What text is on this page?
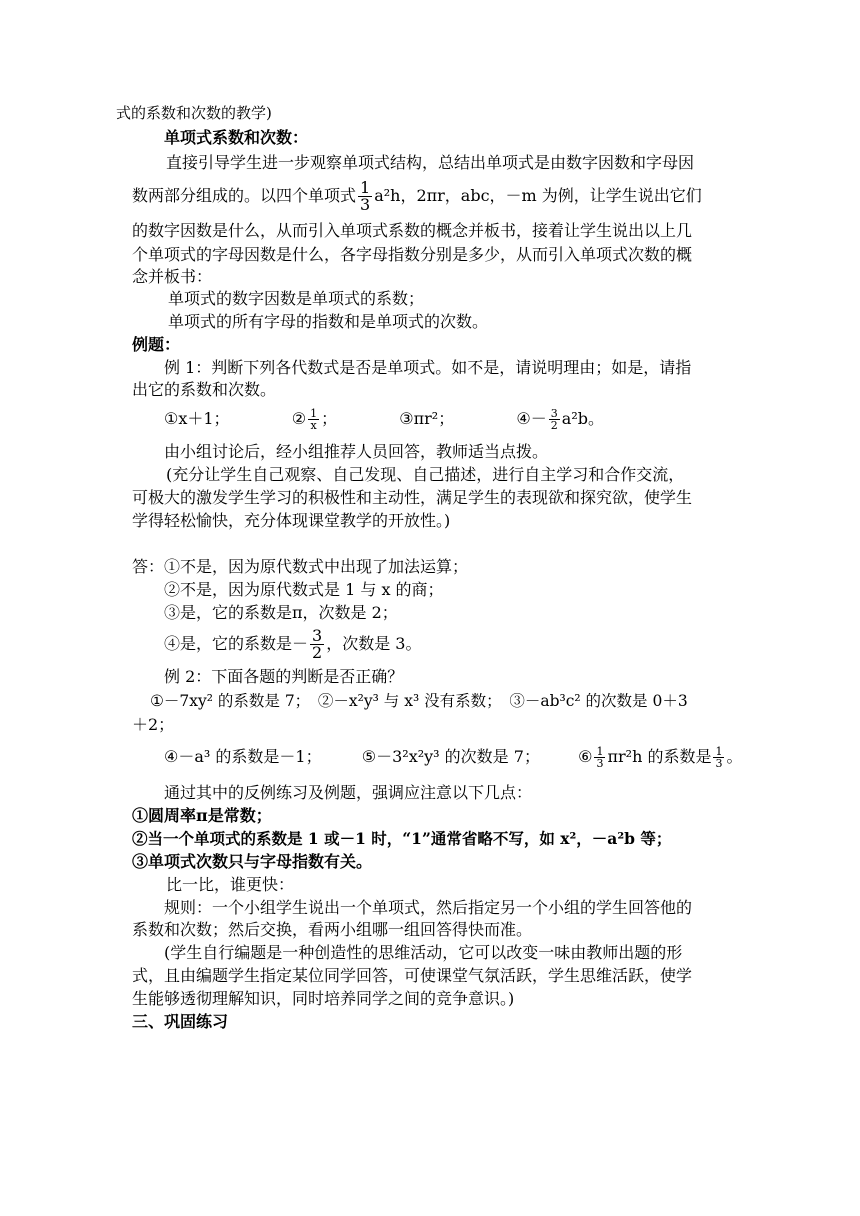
式的系数和次数的教学)
单项式系数和次数：
直接引导学生进一步观察单项式结构，总结出单项式是由数字因数和字母因
数两部分组成的。以四个单项式 $\frac{1}{3} a^2h$，2πr，abc，－m 为例，让学生说出它们
的数字因数是什么，从而引入单项式系数的概念并板书，接着让学生说出以上几
个单项式的字母因数是什么，各字母指数分别是多少，从而引入单项式次数的概
念并板书：
单项式的数字因数是单项式的系数；
单项式的所有字母的指数和是单项式的次数。
例题：
例 1：判断下列各代数式是否是单项式。如不是，请说明理由；如是，请指
出它的系数和次数。
①x＋1；	② $\frac{1}{x}$ ；	③πr²；	④－ $\frac{3}{2} a^2b$。
由小组讨论后，经小组推荐人员回答，教师适当点拨。
(充分让学生自己观察、自己发现、自己描述，进行自主学习和合作交流，
可极大的激发学生学习的积极性和主动性，满足学生的表现欲和探究欲，使学生
学得轻松愉快，充分体现课堂教学的开放性。)
答：①不是，因为原代数式中出现了加法运算；
②不是，因为原代数式是 1 与 x 的商；
③是，它的系数是π，次数是 2；
④是，它的系数是－ $\frac{3}{2}$ ，次数是 3。
例 2：下面各题的判断是否正确？
①－7xy² 的系数是 7；　②－x²y³ 与 x³ 没有系数；　③－ab³c² 的次数是 0＋3
＋2；
④－a³ 的系数是－1；	⑤－3²x²y³ 的次数是 7； ⑥ $\frac{1}{3} \pi r^2h$ 的系数是 $\frac{1}{3}$ 。
通过其中的反例练习及例题，强调应注意以下几点：
①圆周率π是常数；
②当一个单项式的系数是 1 或－1 时，“1”通常省略不写，如 x²，－a²b 等；
③单项式次数只与字母指数有关。
比一比，谁更快：
规则：一个小组学生说出一个单项式，然后指定另一个小组的学生回答他的
系数和次数；然后交换，看两小组哪一组回答得快而准。
(学生自行编题是一种创造性的思维活动，它可以改变一味由教师出题的形
式，且由编题学生指定某位同学回答，可使课堂气氛活跃，学生思维活跃，使学
生能够透彻理解知识，同时培养同学之间的竞争意识。)
三、巩固练习
